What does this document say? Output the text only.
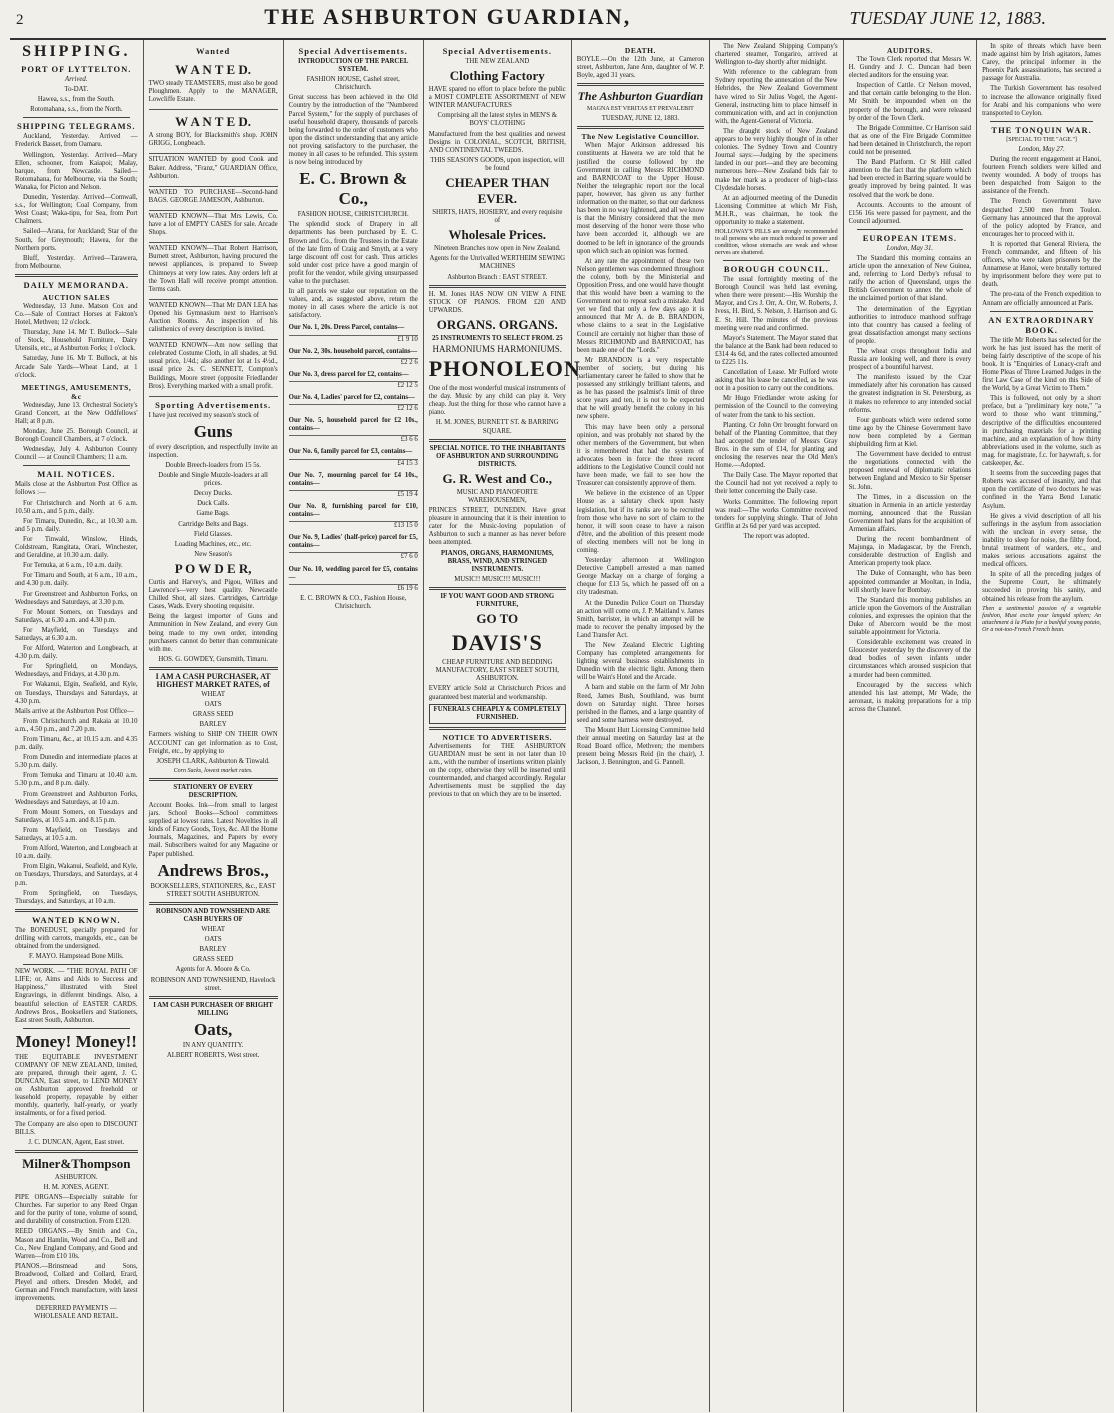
2	THE ASHBURTON GUARDIAN,	TUESDAY JUNE 12, 1883.
SHIPPING.
PORT OF LYTTELTON.

Arrived.

To-DAT.

Hawea, s.s., from the South.

Rotomahana, s.s., from the North.

SHIPPING TELEGRAMS.

Auckland, Yesterday. Arrived — Frederick Basset, from Oamaru.

Wellington, Yesterday. Arrived—Mary Ellen, schooner, from Kaiapoi; Malay, barque, from Newcastle. Sailed—Rotomahana, for Melbourne, via the South; Wanaka, for Picton and Nelson.

Dunedin, Yesterday. Arrived—Comwall, s.s., for Wellington; Coal Company, from West Coast; Waka-tipu, for Sea, from Port Chalmers.

Sailed—Arana, for Auckland; Star of the South, for Greymouth; Hawea, for the Northern ports.

Bluff, Yesterday. Arrived—Tarawera, from Melbourne.

DAILY MEMORANDA.
AUCTION SALES

Wednesday, 13 June. Matson Cox and Co.—Sale of Contract Horses at Fakton's Hotel, Methven; 12 o'clock.

Thursday, June 14. Mr T. Bullock—Sale of Stock, Household Furniture, Dairy Utensils, etc., at Ashburton Forks; 1 o'clock.

Saturday, June 16. Mr T. Bullock, at his Arcade Sale Yards—Wheat Land, at 1 o'clock.

MEETINGS, AMUSEMENTS, &c

Wednesday, June 13. Orchestral Society's Grand Concert, at the New Oddfellows' Hall; at 8 p.m.

Monday, June 25. Borough Council, at Borough Council Chambers, at 7 o'clock.

Wednesday, July 4. Ashburton County Council — at Council Chambers; 11 a.m.

MAIL NOTICES.

Mails close at the Ashburton Post Office as follows :—

For Christchurch and North at 6 a.m. 10.50 a.m., and 5 p.m., daily.

For Timaru, Dunedin, &c., at 10.30 a.m. and 5 p.m. daily.

For Tinwald, Winslow, Hinds, Coldstream, Rangitata, Orari, Winchester, and Geraldine, at 10.30 a.m. daily.

For Temuka, at 6 a.m., 10 a.m. daily.

For Timaru and South, at 6 a.m., 10 a.m., and 4.30 p.m. daily.

For Greenstreet and Ashburton Forks, on Wednesdays and Saturdays, at 3.30 p.m.

For Mount Somers, on Tuesdays and Saturdays, at 6.30 a.m. and 4.30 p.m.

For Mayfield, on Tuesdays and Saturdays, at 6.30 a.m.

For Alford, Waterton and Longbeach, at 4.30 p.m. daily.

For Springfield, on Mondays, Wednesdays, and Fridays, at 4.30 p.m.

For Wakanui, Elgin, Seafield, and Kyle, on Tuesdays, Thursdays and Saturdays, at 4.30 p.m.

Mails arrive at the Ashburton Post Office—

From Christchurch and Rakaia at 10.10 a.m., 4.50 p.m., and 7.20 p.m.

From Timaru, &c., at 10.15 a.m. and 4.35 p.m. daily.

From Dunedin and intermediate places at 5.30 p.m. daily.

From Temuka and Timaru at 10.40 a.m. 5.30 p.m., and 8 p.m. daily.

From Greenstreet and Ashburton Forks, Wednesdays and Saturdays, at 10 a.m.

From Mount Somers, on Tuesdays and Saturdays, at 10.5 a.m. and 8.15 p.m.

From Mayfield, on Tuesdays and Saturdays, at 10.5 a.m.

From Alford, Waterton, and Longbeach at 10 a.m. daily.

From Elgin, Wakanui, Seafield, and Kyle, on Tuesdays, Thursdays, and Saturdays, at 4 p.m.

From Springfield, on Tuesdays, Thursdays, and Saturdays, at 10 a.m.

WANTED KNOWN.

The BONEDUST, specially prepared for drilling with carrots, mangolds, etc., can be obtained from the undersigned.

F. MAYO. Hampstead Bone Mills.

NEW WORK. — "THE ROYAL PATH OF LIFE; or, Aims and Aids to Success and Happiness," illustrated with Steel Engravings, in different bindings. Also, a beautiful selection of EASTER CARDS. Andrews Bros., Booksellers and Stationers, East street South, Ashburton.

Money! Money!!

THE EQUITABLE INVESTMENT COMPANY OF NEW ZEALAND, limited, are prepared, through their agent, J. C. DUNCAN, East street, to LEND MONEY on Ashburton approved freehold or leasehold property, repayable by either monthly, quarterly, half-yearly, or yearly instalments, or for a fixed period.

The Company are also open to DISCOUNT BILLS.

J. C. DUNCAN, Agent, East street.

Milner&Thompson

ASHBURTON.

H. M. JONES, AGENT.

PIPE ORGANS—Especially suitable for Churches. Far superior to any Reed Organ and for the purity of tone, volume of sound, and durability of construction. From £120.

REED ORGANS.—By Smith and Co., Mason and Hamlin, Wood and Co., Bell and Co., New England Company, and Good and Warren—from £10 10s.

PIANOS.—Brinsmead and Sons, Broadwood, Collard and Collard, Erard, Pleyel and others. Dresden Model, and German and French manufacture, with latest improvements.

DEFERRED PAYMENTS — WHOLESALE AND RETAIL.

Wanted
W A N T E D.

TWO steady TEAMSTERS, must also be good Ploughmen. Apply to the MANAGER, Lowcliffe Estate.

W A N T E D.

A strong BOY, for Blacksmith's shop. JOHN GRIGG, Longbeach.

SITUATION WANTED by good Cook and Baker. Address, "Franz," GUARDIAN Office, Ashburton.

WANTED TO PURCHASE—Second-hand BAGS. GEORGE JAMESON, Ashburton.

WANTED KNOWN—That Mrs Lewis, Co. have a lot of EMPTY CASES for sale. Arcade Shops.

WANTED KNOWN—That Robert Harrison, Burnett street, Ashburton, having procured the newest appliances, is prepared to Sweep Chimneys at very low rates. Any orders left at the Town Hall will receive prompt attention. Terms cash.

WANTED KNOWN—That Mr DAN LEA has Opened his Gymnasium next to Harrison's Auction Rooms. An inspection of his calisthenics of every description is invited.

WANTED KNOWN—Am now selling that celebrated Costume Cloth, in all shades, at 9d. usual price, 1/4d.; also another lot at 1s 4½d., usual price 2s. C. SENNETT, Compton's Buildings, Moore street (opposite Friedlander Bros). Everything marked with a small profit.

Sporting Advertisements.

I have just received my season's stock of

Guns

of every description, and respectfully invite an inspection.

Double Breech-loaders from 15 5s.

Double and Single Muzzle-loaders at all prices.

Decoy Ducks.

Duck Calls.

Game Bags.

Cartridge Belts and Bags.

Field Glasses.

Loading Machines, etc., etc.

New Season's

P O W D E R,

Curtis and Harvey's, and Pigou, Wilkes and Lawrence's—very best quality. Newcastle Chilled Shot, all sizes. Cartridges, Cartridge Cases, Wads. Every shooting requisite.

Being the largest importer of Guns and Ammunition in New Zealand, and every Gun being made to my own order, intending purchasers cannot do better than communicate with me.

HOS. G. GOWDEY, Gunsmith, Timaru.

I AM A CASH PURCHASER, AT HIGHEST MARKET RATES, of

WHEAT

OATS

GRASS SEED

BARLEY

Farmers wishing to SHIP ON THEIR OWN ACCOUNT can get information as to Cost, Freight, etc., by applying to

JOSEPH CLARK, Ashburton & Tinwald.

Corn Sacks, lowest market rates.

STATIONERY OF EVERY DESCRIPTION.

Account Books. Ink—from small to largest jars. School Books—School committees supplied at lowest rates. Latest Novelties in all kinds of Fancy Goods, Toys, &c. All the Home Journals, Magazines, and Papers by every mail. Subscribers waited for any Magazine or Paper published.

Andrews Bros.,

BOOKSELLERS, STATIONERS, &c., EAST STREET SOUTH ASHBURTON.

ROBINSON AND TOWNSHEND ARE CASH BUYERS OF

WHEAT

OATS

BARLEY

GRASS SEED

Agents for A. Moore & Co.

ROBINSON AND TOWNSHEND, Havelock street.

I AM CASH PURCHASER OF BRIGHT MILLING

Oats,

IN ANY QUANTITY.

ALBERT ROBERTS, West street.

Special Advertisements.

INTRODUCTION OF THE PARCEL SYSTEM.

FASHION HOUSE, Cashel street, Christchurch.

Great success has been achieved in the Old Country by the introduction of the "Numbered Parcel System," for the supply of purchases of useful household drapery, thousands of parcels being forwarded to the order of customers who upon the distinct understanding that any article not proving satisfactory to the purchaser, the money in all cases to be refunded. This system is now being introduced by

E. C. Brown & Co.,

FASHION HOUSE, CHRISTCHURCH.

The splendid stock of Drapery in all departments has been purchased by E. C. Brown and Co., from the Trustees in the Estate of the late firm of Craig and Smyth, at a very large discount off cost for cash. Thus articles sold under cost price have a good margin of profit for the vendor, while giving unsurpassed value to the purchaser.

In all parcels we stake our reputation on the values, and, as suggested above, return the money in all cases where the article is not satisfactory.

Our No. 1, 20s. Dress Parcel, contains—

£1 9 10

Our No. 2, 30s. household parcel, contains—

£2 2 6

Our No. 3, dress parcel for £2, contains—

£2 12 5

Our No. 4, Ladies' parcel for £2, contains—

£2 12 6

Our No. 5, household parcel for £2 10s., contains—

£3 6 6

Our No. 6, family parcel for £3, contains—

£4 15 3

Our No. 7, mourning parcel for £4 10s., contains—

£5 19 4

Our No. 8, furnishing parcel for £10, contains—

£13 15 0

Our No. 9, Ladies' (half-price) parcel for £5, contains—

£7 6 0

Our No. 10, wedding parcel for £5, contains—

£6 19 6

E. C. BROWN & CO., Fashion House, Christchurch.

Special Advertisements.

THE NEW ZEALAND

Clothing Factory

HAVE spared no effort to place before the public a MOST COMPLETE ASSORTMENT of NEW WINTER MANUFACTURES

Comprising all the latest styles in MEN'S & BOYS' CLOTHING

Manufactured from the best qualities and newest Designs in COLONIAL, SCOTCH, BRITISH, AND CONTINENTAL TWEEDS.

THIS SEASON'S GOODS, upon inspection, will be found

CHEAPER THAN EVER.

SHIRTS, HATS, HOSIERY, and every requisite of

Wholesale Prices.

Nineteen Branches now open in New Zealand.

Agents for the Unrivalled WERTHEIM SEWING MACHINES

Ashburton Branch : EAST STREET.

H. M. Jones HAS NOW ON VIEW A FINE STOCK OF PIANOS. FROM £20 AND UPWARDS.

ORGANS. ORGANS.

25 INSTRUMENTS TO SELECT FROM. 25

HARMONIUMS HARMONIUMS.

PHONOLEON

One of the most wonderful musical instruments of the day. Music by any child can play it. Very cheap. Just the thing for those who cannot have a piano.

H. M. JONES, BURNETT ST. & BARRING SQUARE.

SPECIAL NOTICE. TO THE INHABITANTS OF ASHBURTON AND SURROUNDING DISTRICTS.

G. R. West and Co.,

MUSIC AND PIANOFORTE WAREHOUSEMEN,

PRINCES STREET, DUNEDIN. Have great pleasure in announcing that it is their intention to cater for the Music-loving population of Ashburton to such a manner as has never before been attempted.

PIANOS, ORGANS, HARMONIUMS, BRASS, WIND, AND STRINGED INSTRUMENTS.

MUSIC!! MUSIC!!! MUSIC!!!

IF YOU WANT GOOD AND STRONG FURNITURE,

GO TO
DAVIS'S

CHEAP FURNITURE AND BEDDING MANUFACTORY, EAST STREET SOUTH, ASHBURTON.

EVERY article Sold at Christchurch Prices and guaranteed best material and workmanship.

FUNERALS CHEAPLY & COMPLETELY FURNISHED.

NOTICE TO ADVERTISERS.

Advertisements for THE ASHBURTON GUARDIAN must be sent in not later than 10 a.m., with the number of insertions written plainly on the copy, otherwise they will be inserted until countermanded, and charged accordingly. Regular Advertisements must be supplied the day previous to that on which they are to be inserted.

DEATH.

BOYLE.—On the 12th June, at Cameron street, Ashburton, Jane Ann, daughter of W. P. Boyle, aged 31 years.

The Ashburton Guardian

MAGNA EST VERITAS ET PREVALEBIT

TUESDAY, JUNE 12, 1883.

The New Legislative Councillor.

When Major Atkinson addressed his constituents at Hawera we are told that he justified the course followed by the Government in calling Messrs RICHMOND and BARNICOAT to the Upper House. Neither the telegraphic report nor the local paper, however, has given us any further information on the matter, so that our darkness has been in no way lightened, and all we know is that the Ministry considered that the men most deserving of the honor were those who have been accorded it, although we are doomed to be left in ignorance of the grounds upon which such an opinion was formed.

At any rate the appointment of these two Nelson gentlemen was condemned throughout the colony, both by the Ministerial and Opposition Press, and one would have thought that this would have been a warning to the Government not to repeat such a mistake. And yet we find that only a few days ago it is announced that Mr A. de B. BRANDON, whose claims to a seat in the Legislative Council are certainly not higher than those of Messrs RICHMOND and BARNICOAT, has been made one of the "Lords."

Mr BRANDON is a very respectable member of society, but during his parliamentary career he failed to show that he possessed any strikingly brilliant talents, and as he has passed the psalmist's limit of three score years and ten, it is not to be expected that he will greatly benefit the colony in his new sphere.

This may have been only a personal opinion, and was probably not shared by the other members of the Government, but when it is remembered that had the system of advocates been in force the three recent additions to the Legislative Council could not have been made, we fail to see how the Treasurer can consistently approve of them.

We believe in the existence of an Upper House as a salutary check upon hasty legislation, but if its ranks are to be recruited from those who have no sort of claim to the honor, it will soon cease to have a raison d'être, and the abolition of this present mode of electing members will not be long in coming.

Yesterday afternoon at Wellington Detective Campbell arrested a man named George Mackay on a charge of forging a cheque for £13 5s, which he passed off on a city tradesman.

At the Dunedin Police Court on Thursday an action will come on, J. P. Maitland v. James Smith, barrister, in which an attempt will be made to recover the penalty imposed by the Land Transfer Act.

The New Zealand Electric Lighting Company has completed arrangements for lighting several business establishments in Dunedin with the electric light. Among them will be Wain's Hotel and the Arcade.

A barn and stable on the farm of Mr John Reed, James Bush, Southland, was burnt down on Saturday night. Three horses perished in the flames, and a large quantity of seed and some harness were destroyed.

The Mount Hutt Licensing Committee held their annual meeting on Saturday last at the Road Board office, Methven; the members present being Messrs Reid (in the chair), J. Jackson, J. Bennington, and G. Pannell.

The New Zealand Shipping Company's chartered steamer, Tongariro, arrived at Wellington to-day shortly after midnight.

With reference to the cablegram from Sydney reporting the annexation of the New Hebrides, the New Zealand Government have wired to Sir Julius Vogel, the Agent-General, instructing him to place himself in communication with, and act in conjunction with, the Agent-General of Victoria.

The draught stock of New Zealand appears to be very highly thought of in other colonies. The Sydney Town and Country Journal says:—Judging by the specimens landed in our port—and they are becoming numerous here—New Zealand bids fair to make her mark as a producer of high-class Clydesdale horses.

At an adjourned meeting of the Dunedin Licensing Committee at which Mr Fish, M.H.R., was chairman, he took the opportunity to make a statement.

HOLLOWAY'S PILLS are strongly recommended to all persons who are much reduced in power and condition, whose stomachs are weak and whose nerves are shattered.

BOROUGH COUNCIL.

The usual fortnightly meeting of the Borough Council was held last evening, when there were present:—His Worship the Mayor, and Crs J. Orr, A. Orr, W. Roberts, J. Ivess, H. Bird, S. Nelson, J. Harrison and G. E. St. Hill. The minutes of the previous meeting were read and confirmed.

Mayor's Statement. The Mayor stated that the balance at the Bank had been reduced to £314 4s 6d, and the rates collected amounted to £225 11s.

Cancellation of Lease. Mr Fulford wrote asking that his lease be cancelled, as he was not in a position to carry out the conditions.

Mr Hugo Friedlander wrote asking for permission of the Council to the conveying of water from the tank to his section.

Planting. Cr John Orr brought forward on behalf of the Planting Committee, that they had accepted the tender of Messrs Gray Bros. in the sum of £14, for planting and enclosing the reserves near the Old Men's Home.—Adopted.

The Daily Case. The Mayor reported that the Council had not yet received a reply to their letter concerning the Daily case.

Works Committee. The following report was read:—The works Committee received tenders for supplying shingle. That of John Griffin at 2s 6d per yard was accepted.

The report was adopted.

AUDITORS.

The Town Clerk reported that Messrs W. H. Gundry and J. C. Duncan had been elected auditors for the ensuing year.

Inspection of Cattle. Cr Nelson moved, and that certain cattle belonging to the Hon. Mr Smith be impounded when on the property of the borough, and were released by order of the Town Clerk.

The Brigade Committee. Cr Harrison said that as one of the Fire Brigade Committee had been detained in Christchurch, the report could not be presented.

The Band Platform. Cr St Hill called attention to the fact that the platform which had been erected in Barring square would be greatly improved by being painted. It was resolved that the work be done.

Accounts. Accounts to the amount of £156 16s were passed for payment, and the Council adjourned.

EUROPEAN ITEMS.

London, May 31.

The Standard this morning contains an article upon the annexation of New Guinea, and, referring to Lord Derby's refusal to ratify the action of Queensland, urges the British Government to annex the whole of the unclaimed portion of that island.

The determination of the Egyptian authorities to introduce manhood suffrage into that country has caused a feeling of great dissatisfaction amongst many sections of people.

The wheat crops throughout India and Russia are looking well, and there is every prospect of a bountiful harvest.

The manifesto issued by the Czar immediately after his coronation has caused the greatest indignation in St. Petersburg, as it makes no reference to any intended social reforms.

Four gunboats which were ordered some time ago by the Chinese Government have now been completed by a German shipbuilding firm at Kiel.

The Government have decided to entrust the negotiations connected with the proposed renewal of diplomatic relations between England and Mexico to Sir Spenser St. John.

The Times, in a discussion on the situation in Armenia in an article yesterday morning, announced that the Russian Government had plans for the acquisition of Armenian affairs.

During the recent bombardment of Majunga, in Madagascar, by the French, considerable destruction of English and American property took place.

The Duke of Connaught, who has been appointed commander at Mooltan, in India, will shortly leave for Bombay.

The Standard this morning publishes an article upon the Governors of the Australian colonies, and expresses the opinion that the Duke of Abercorn would be the most suitable appointment for Victoria.

Considerable excitement was created in Gloucester yesterday by the discovery of the dead bodies of seven infants under circumstances which aroused suspicion that a murder had been committed.

Encouraged by the success which attended his last attempt, Mr Wade, the aeronaut, is making preparations for a trip across the Channel.

In spite of threats which have been made against him by Irish agitators, James Carey, the principal informer in the Phoenix Park assassinations, has secured a passage for Australia.

The Turkish Government has resolved to increase the allowance originally fixed for Arabi and his companions who were transported to Ceylon.

THE TONQUIN WAR.

[SPECIAL TO THE "AGE."]

London, May 27.

During the recent engagement at Hanoi, fourteen French soldiers were killed and twenty wounded. A body of troops has been despatched from Saigon to the assistance of the French.

The French Government have despatched 2,500 men from Toulon. Germany has announced that the approval of the policy adopted by France, and encourages her to proceed with it.

It is reported that General Riviera, the French commander, and fifteen of his officers, who were taken prisoners by the Annamese at Hanoi, were brutally tortured by imprisonment before they were put to death.

The pro-rata of the French expedition to Annam are officially announced at Paris.

AN EXTRAORDINARY BOOK.

The title Mr Roberts has selected for the work he has just issued has the merit of being fairly descriptive of the scope of his book. It is "Enquiries of Lunacy-craft and Home Pleas of Three Learned Judges in the first Law Case of the kind on this Side of the World, by a Great Victim to Them."

This is followed, not only by a short preface, but a "preliminary key note," "a word to those who want trimming," descriptive of the difficulties encountered in purchasing materials for a printing machine, and an explanation of how thirty abbreviations used in the volume, such as mag. for magistrate, f.c. for haywraft, s. for catskeeper, &c.

It seems from the succeeding pages that Roberts was accused of insanity, and that upon the certificate of two doctors he was confined in the Yarra Bend Lunatic Asylum.

He gives a vivid description of all his sufferings in the asylum from association with the unclean in every sense, the inability to sleep for noise, the filthy food, brutal treatment of warders, etc., and makes serious accusations against the medical officers.

In spite of all the preceding judges of the Supreme Court, he ultimately succeeded in proving his sanity, and obtained his release from the asylum.

Then a sentimental passion of a vegetable fashion, Must excite your languid spleen; An attachment à la Plato for a bashful young potato, Or a not-too-French French bean.
